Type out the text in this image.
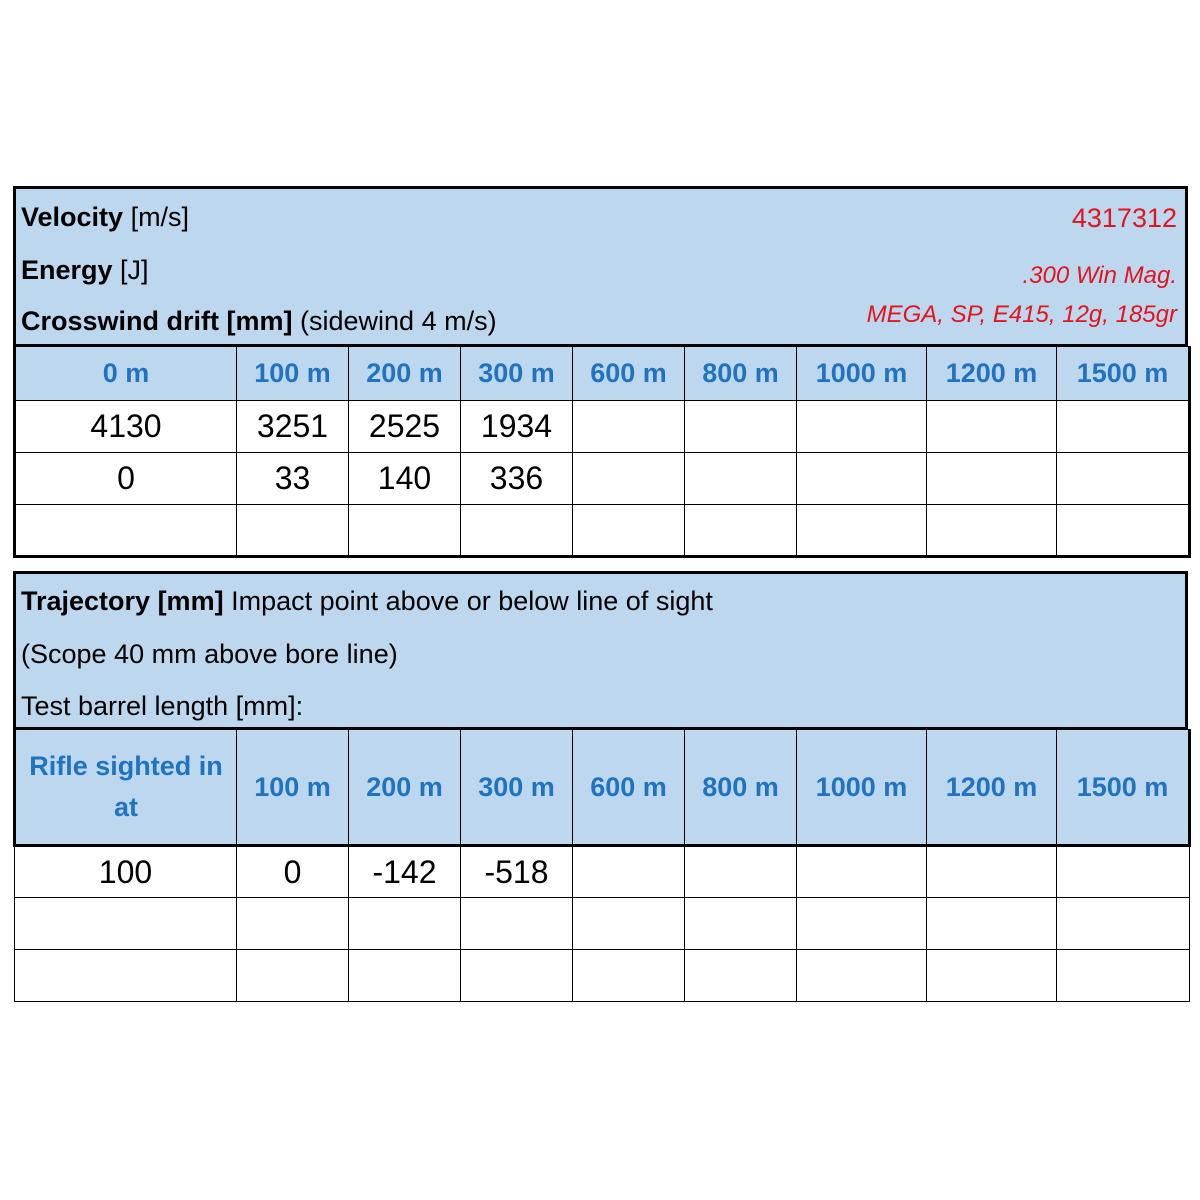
Velocity [m/s]
Energy [J]
Crosswind drift [mm] (sidewind 4 m/s)
4317312
.300 Win Mag.
MEGA, SP, E415, 12g, 185gr
0 m	100 m	200 m	300 m	600 m	800 m	1000 m	1200 m	1500 m
4130	3251	2525	1934					
0	33	140	336					

Trajectory [mm] Impact point above or below line of sight
(Scope 40 mm above bore line)
Test barrel length [mm]:
Rifle sighted in at	100 m	200 m	300 m	600 m	800 m	1000 m	1200 m	1500 m
100	0	-142	-518					
